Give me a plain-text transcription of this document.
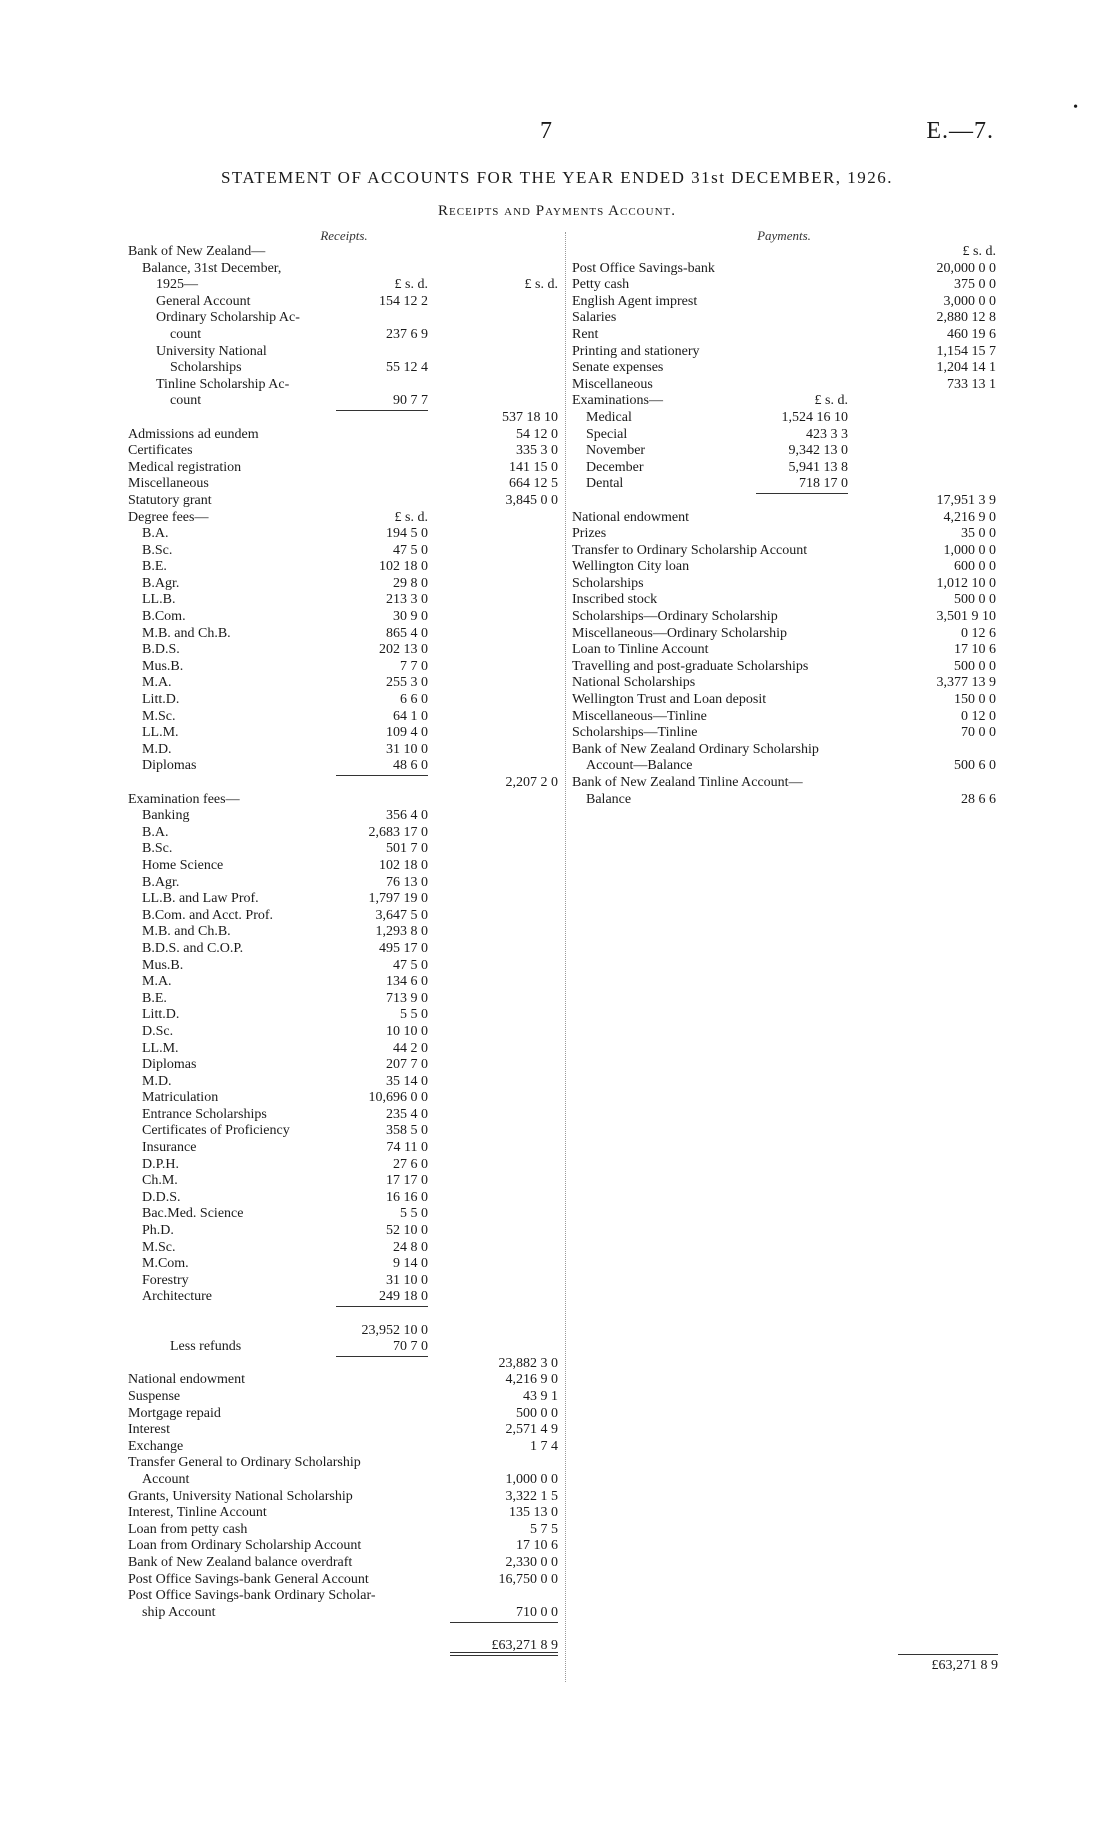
•
7	E.—7.
STATEMENT OF ACCOUNTS FOR THE YEAR ENDED 31st DECEMBER, 1926.
Receipts and Payments Account.
Receipts.
Bank of New Zealand—
Balance, 31st December,
1925—	£ s. d.	£ s. d.
General Account	154 12 2
Ordinary Scholarship Ac-
count	237 6 9
University National
Scholarships	55 12 4
Tinline Scholarship Ac-
count	90 7 7
537 18 10
Admissions ad eundem	54 12 0
Certificates	335 3 0
Medical registration	141 15 0
Miscellaneous	664 12 5
Statutory grant	3,845 0 0
Degree fees—	£ s. d.
B.A.	194 5 0
B.Sc.	47 5 0
B.E.	102 18 0
B.Agr.	29 8 0
LL.B.	213 3 0
B.Com.	30 9 0
M.B. and Ch.B.	865 4 0
B.D.S.	202 13 0
Mus.B.	7 7 0
M.A.	255 3 0
Litt.D.	6 6 0
M.Sc.	64 1 0
LL.M.	109 4 0
M.D.	31 10 0
Diplomas	48 6 0
2,207 2 0
Examination fees—
Banking	356 4 0
B.A.	2,683 17 0
B.Sc.	501 7 0
Home Science	102 18 0
B.Agr.	76 13 0
LL.B. and Law Prof.	1,797 19 0
B.Com. and Acct. Prof.	3,647 5 0
M.B. and Ch.B.	1,293 8 0
B.D.S. and C.O.P.	495 17 0
Mus.B.	47 5 0
M.A.	134 6 0
B.E.	713 9 0
Litt.D.	5 5 0
D.Sc.	10 10 0
LL.M.	44 2 0
Diplomas	207 7 0
M.D.	35 14 0
Matriculation	10,696 0 0
Entrance Scholarships	235 4 0
Certificates of Proficiency	358 5 0
Insurance	74 11 0
D.P.H.	27 6 0
Ch.M.	17 17 0
D.D.S.	16 16 0
Bac.Med. Science	5 5 0
Ph.D.	52 10 0
M.Sc.	24 8 0
M.Com.	9 14 0
Forestry	31 10 0
Architecture	249 18 0
23,952 10 0
Less refunds	70 7 0
23,882 3 0
National endowment	4,216 9 0
Suspense	43 9 1
Mortgage repaid	500 0 0
Interest	2,571 4 9
Exchange	1 7 4
Transfer General to Ordinary Scholarship
Account	1,000 0 0
Grants, University National Scholarship	3,322 1 5
Interest, Tinline Account	135 13 0
Loan from petty cash	5 7 5
Loan from Ordinary Scholarship Account	17 10 6
Bank of New Zealand balance overdraft	2,330 0 0
Post Office Savings-bank General Account	16,750 0 0
Post Office Savings-bank Ordinary Scholar-
ship Account	710 0 0
£63,271 8 9
Payments.
£ s. d.
Post Office Savings-bank	20,000 0 0
Petty cash	375 0 0
English Agent imprest	3,000 0 0
Salaries	2,880 12 8
Rent	460 19 6
Printing and stationery	1,154 15 7
Senate expenses	1,204 14 1
Miscellaneous	733 13 1
Examinations—	£ s. d.
Medical	1,524 16 10
Special	423 3 3
November	9,342 13 0
December	5,941 13 8
Dental	718 17 0
17,951 3 9
National endowment	4,216 9 0
Prizes	35 0 0
Transfer to Ordinary Scholarship Account	1,000 0 0
Wellington City loan	600 0 0
Scholarships	1,012 10 0
Inscribed stock	500 0 0
Scholarships—Ordinary Scholarship	3,501 9 10
Miscellaneous—Ordinary Scholarship	0 12 6
Loan to Tinline Account	17 10 6
Travelling and post-graduate Scholarships	500 0 0
National Scholarships	3,377 13 9
Wellington Trust and Loan deposit	150 0 0
Miscellaneous—Tinline	0 12 0
Scholarships—Tinline	70 0 0
Bank of New Zealand Ordinary Scholarship
Account—Balance	500 6 0
Bank of New Zealand Tinline Account—
Balance	28 6 6
£63,271 8 9
